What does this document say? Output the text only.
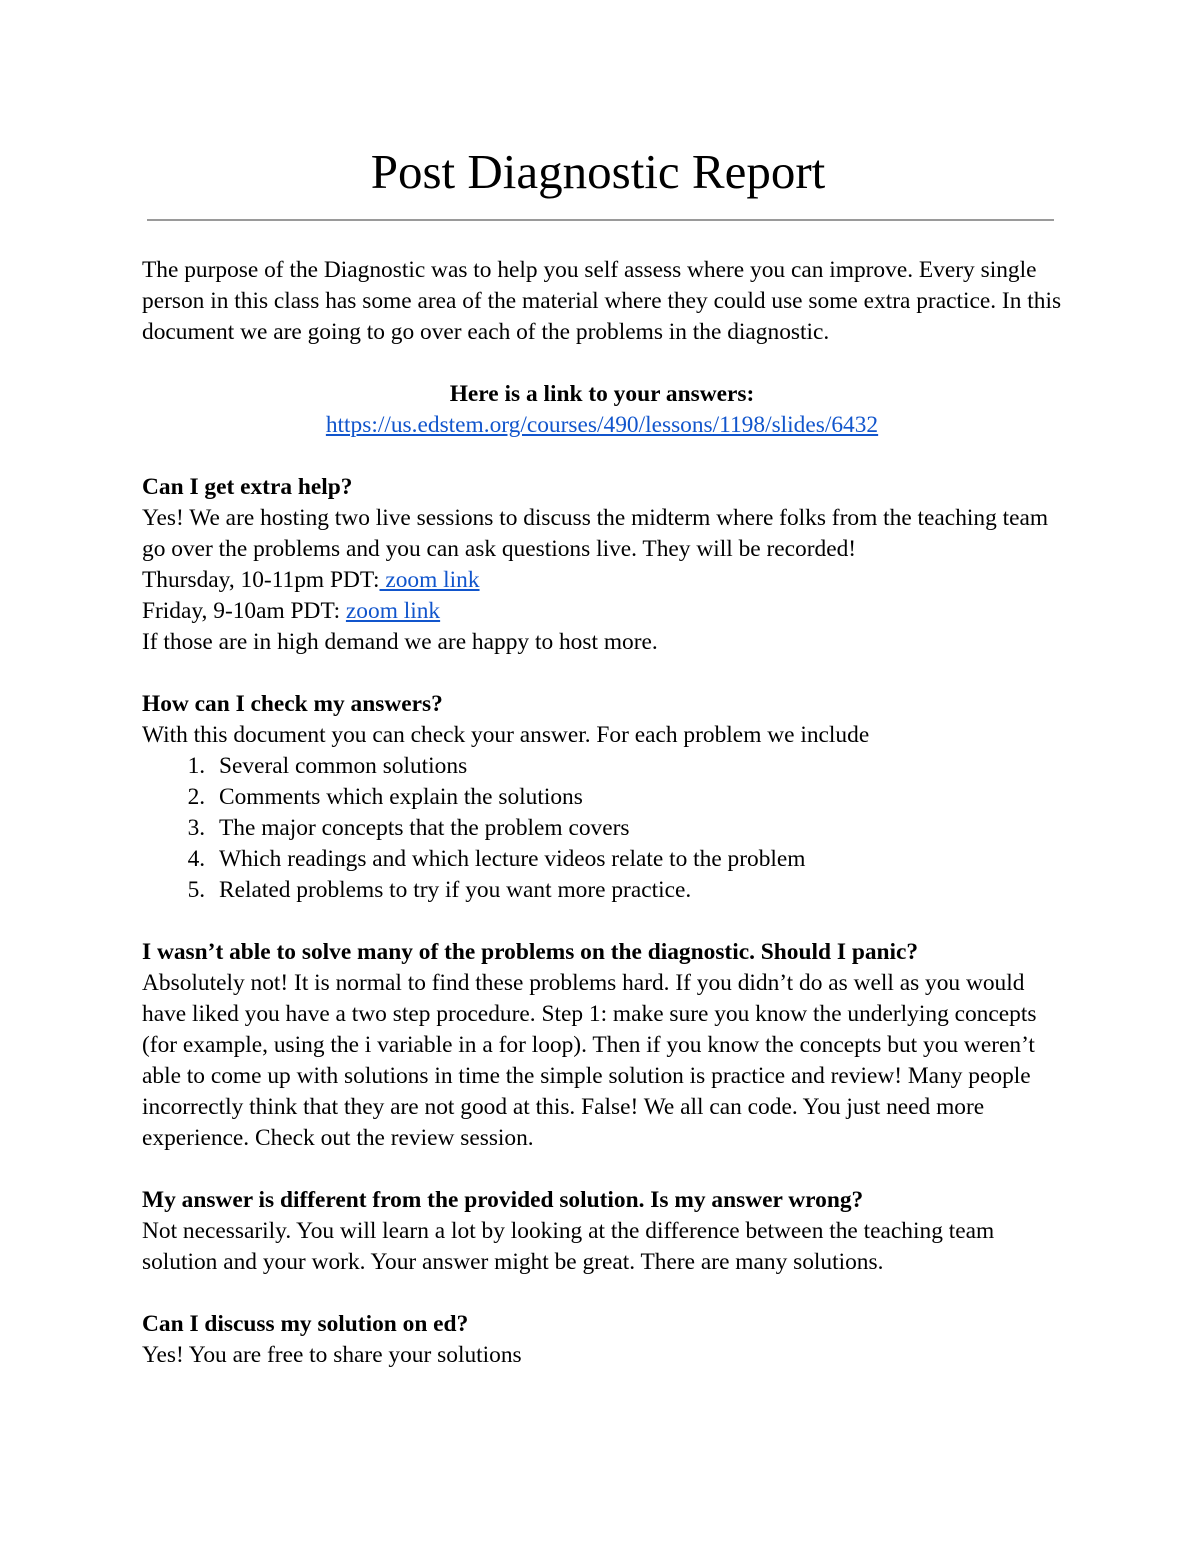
Post Diagnostic Report

The purpose of the Diagnostic was to help you self assess where you can improve. Every single person in this class has some area of the material where they could use some extra practice. In this document we are going to go over each of the problems in the diagnostic.

Here is a link to your answers:

https://us.edstem.org/courses/490/lessons/1198/slides/6432

Can I get extra help?

Yes! We are hosting two live sessions to discuss the midterm where folks from the teaching team go over the problems and you can ask questions live. They will be recorded!

Thursday, 10-11pm PDT: zoom link

Friday, 9-10am PDT: zoom link

If those are in high demand we are happy to host more.

How can I check my answers?

With this document you can check your answer. For each problem we include

1. Several common solutions
2. Comments which explain the solutions
3. The major concepts that the problem covers
4. Which readings and which lecture videos relate to the problem
5. Related problems to try if you want more practice.

I wasn’t able to solve many of the problems on the diagnostic. Should I panic?

Absolutely not! It is normal to find these problems hard. If you didn’t do as well as you would have liked you have a two step procedure. Step 1: make sure you know the underlying concepts (for example, using the i variable in a for loop). Then if you know the concepts but you weren’t able to come up with solutions in time the simple solution is practice and review! Many people incorrectly think that they are not good at this. False! We all can code. You just need more experience. Check out the review session.

My answer is different from the provided solution. Is my answer wrong?

Not necessarily. You will learn a lot by looking at the difference between the teaching team solution and your work. Your answer might be great. There are many solutions.

Can I discuss my solution on ed?

Yes! You are free to share your solutions
